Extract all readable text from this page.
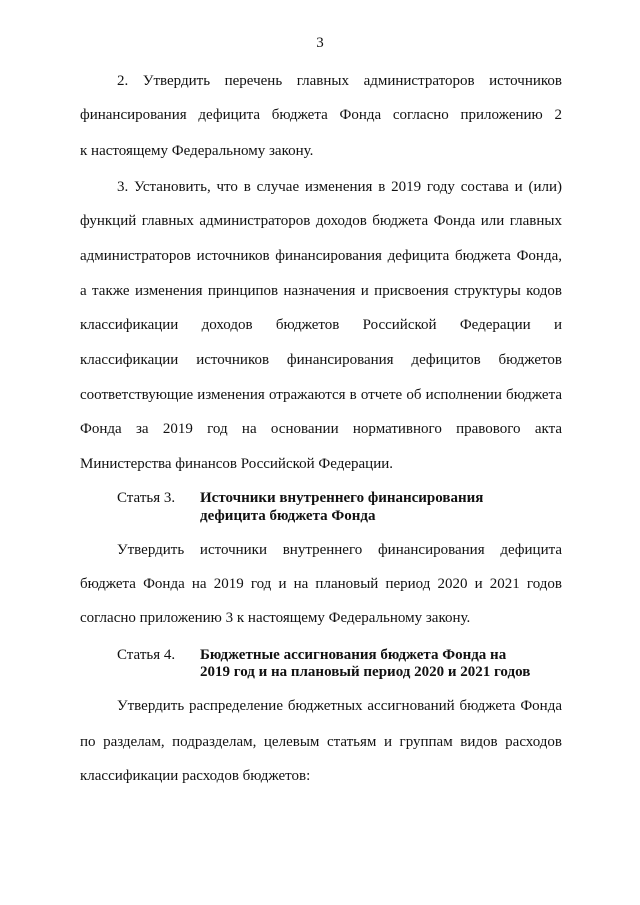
3
2. Утвердить перечень главных администраторов источников
финансирования дефицита бюджета Фонда согласно приложению 2
к настоящему Федеральному закону.
3. Установить, что в случае изменения в 2019 году состава и (или)
функций главных администраторов доходов бюджета Фонда или главных
администраторов источников финансирования дефицита бюджета Фонда,
а также изменения принципов назначения и присвоения структуры кодов
классификации доходов бюджетов Российской Федерации и
классификации источников финансирования дефицитов бюджетов
соответствующие изменения отражаются в отчете об исполнении бюджета
Фонда за 2019 год на основании нормативного правового акта
Министерства финансов Российской Федерации.
Статья 3. Источники внутреннего финансирования
дефицита бюджета Фонда
Утвердить источники внутреннего финансирования дефицита
бюджета Фонда на 2019 год и на плановый период 2020 и 2021 годов
согласно приложению 3 к настоящему Федеральному закону.
Статья 4. Бюджетные ассигнования бюджета Фонда на
2019 год и на плановый период 2020 и 2021 годов
Утвердить распределение бюджетных ассигнований бюджета Фонда
по разделам, подразделам, целевым статьям и группам видов расходов
классификации расходов бюджетов:
